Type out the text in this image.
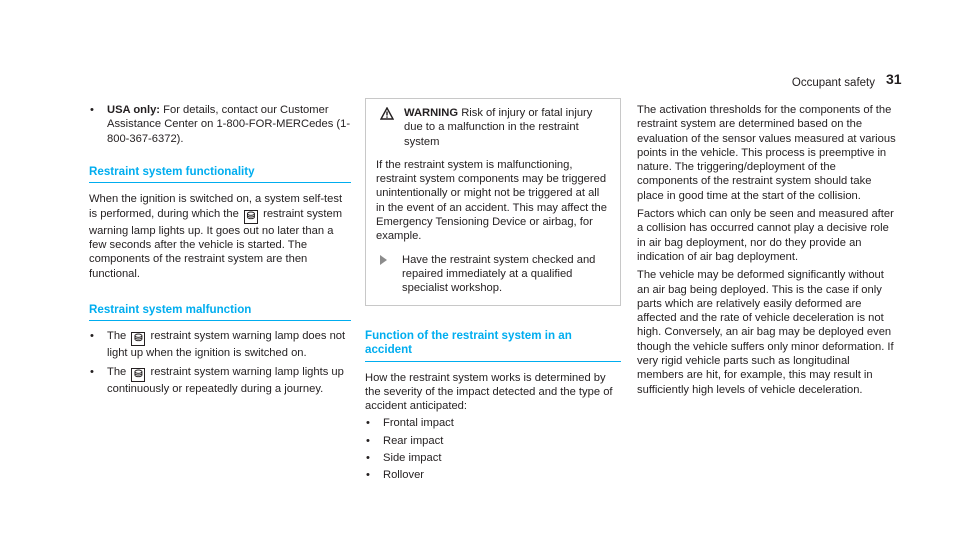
Occupant safety 31
• USA only: For details, contact our Customer Assistance Center on 1-800-FOR-MERCedes (1-800-367-6372).
Restraint system functionality

When the ignition is switched on, a system self-test is performed, during which the ⛁ restraint system warning lamp lights up. It goes out no later than a few seconds after the vehicle is started. The components of the restraint system are then functional.

Restraint system malfunction
• The ⛁ restraint system warning lamp does not light up when the ignition is switched on.
• The ⛁ restraint system warning lamp lights up continuously or repeatedly during a journey.
WARNING Risk of injury or fatal injury due to a malfunction in the restraint system

If the restraint system is malfunctioning, restraint system components may be triggered unintentionally or might not be triggered at all in the event of an accident. This may affect the Emergency Tensioning Device or airbag, for example.

Have the restraint system checked and repaired immediately at a qualified specialist workshop.
Function of the restraint system in an accident

How the restraint system works is determined by the severity of the impact detected and the type of accident anticipated:

• Frontal impact
• Rear impact
• Side impact
• Rollover

The activation thresholds for the components of the restraint system are determined based on the evaluation of the sensor values measured at various points in the vehicle. This process is preemptive in nature. The triggering/deployment of the components of the restraint system should take place in good time at the start of the collision.

Factors which can only be seen and measured after a collision has occurred cannot play a decisive role in air bag deployment, nor do they provide an indication of air bag deployment.

The vehicle may be deformed significantly without an air bag being deployed. This is the case if only parts which are relatively easily deformed are affected and the rate of vehicle deceleration is not high. Conversely, an air bag may be deployed even though the vehicle suffers only minor deformation. If very rigid vehicle parts such as longitudinal members are hit, for example, this may result in sufficiently high levels of vehicle deceleration.
